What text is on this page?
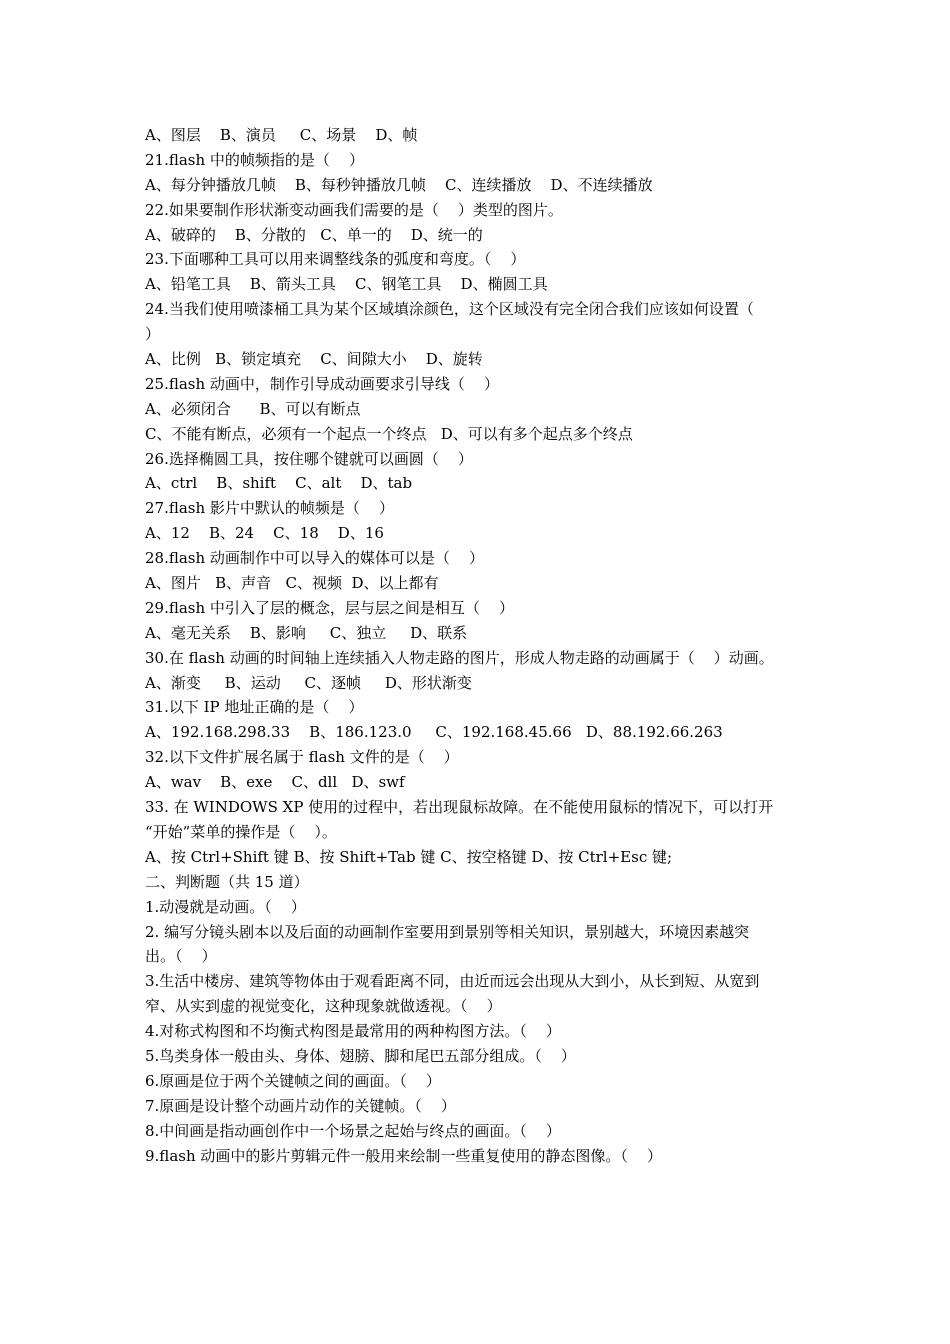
A、图层    B、演员     C、场景    D、帧
21.flash 中的帧频指的是（    ）
A、每分钟播放几帧    B、每秒钟播放几帧    C、连续播放    D、不连续播放
22.如果要制作形状渐变动画我们需要的是（    ）类型的图片。
A、破碎的    B、分散的   C、单一的    D、统一的
23.下面哪种工具可以用来调整线条的弧度和弯度。（    ）
A、铅笔工具    B、箭头工具    C、钢笔工具    D、椭圆工具
24.当我们使用喷漆桶工具为某个区域填涂颜色，这个区域没有完全闭合我们应该如何设置（
）
A、比例   B、锁定填充    C、间隙大小    D、旋转
25.flash 动画中，制作引导成动画要求引导线（    ）
A、必须闭合      B、可以有断点
C、不能有断点，必须有一个起点一个终点   D、可以有多个起点多个终点
26.选择椭圆工具，按住哪个键就可以画圆（    ）
A、ctrl    B、shift    C、alt    D、tab
27.flash 影片中默认的帧频是（    ）
A、12    B、24    C、18    D、16
28.flash 动画制作中可以导入的媒体可以是（    ）
A、图片   B、声音   C、视频  D、以上都有
29.flash 中引入了层的概念，层与层之间是相互（    ）
A、毫无关系    B、影响     C、独立     D、联系
30.在 flash 动画的时间轴上连续插入人物走路的图片，形成人物走路的动画属于（    ）动画。
A、渐变     B、运动     C、逐帧     D、形状渐变
31.以下 IP 地址正确的是（    ）
A、192.168.298.33    B、186.123.0     C、192.168.45.66   D、88.192.66.263
32.以下文件扩展名属于 flash 文件的是（    ）
A、wav    B、exe    C、dll   D、swf
33. 在 WINDOWS XP 使用的过程中，若出现鼠标故障。在不能使用鼠标的情况下，可以打开
“开始”菜单的操作是（    ）。
A、按 Ctrl+Shift 键 B、按 Shift+Tab 键 C、按空格键 D、按 Ctrl+Esc 键;
二、判断题（共 15 道）
1.动漫就是动画。（    ）
2. 编写分镜头剧本以及后面的动画制作室要用到景别等相关知识，景别越大，环境因素越突
出。（    ）
3.生活中楼房、建筑等物体由于观看距离不同，由近而远会出现从大到小，从长到短、从宽到
窄、从实到虚的视觉变化，这种现象就做透视。（    ）
4.对称式构图和不均衡式构图是最常用的两种构图方法。（    ）
5.鸟类身体一般由头、身体、翅膀、脚和尾巴五部分组成。（    ）
6.原画是位于两个关键帧之间的画面。（    ）
7.原画是设计整个动画片动作的关键帧。（    ）
8.中间画是指动画创作中一个场景之起始与终点的画面。（    ）
9.flash 动画中的影片剪辑元件一般用来绘制一些重复使用的静态图像。（    ）
